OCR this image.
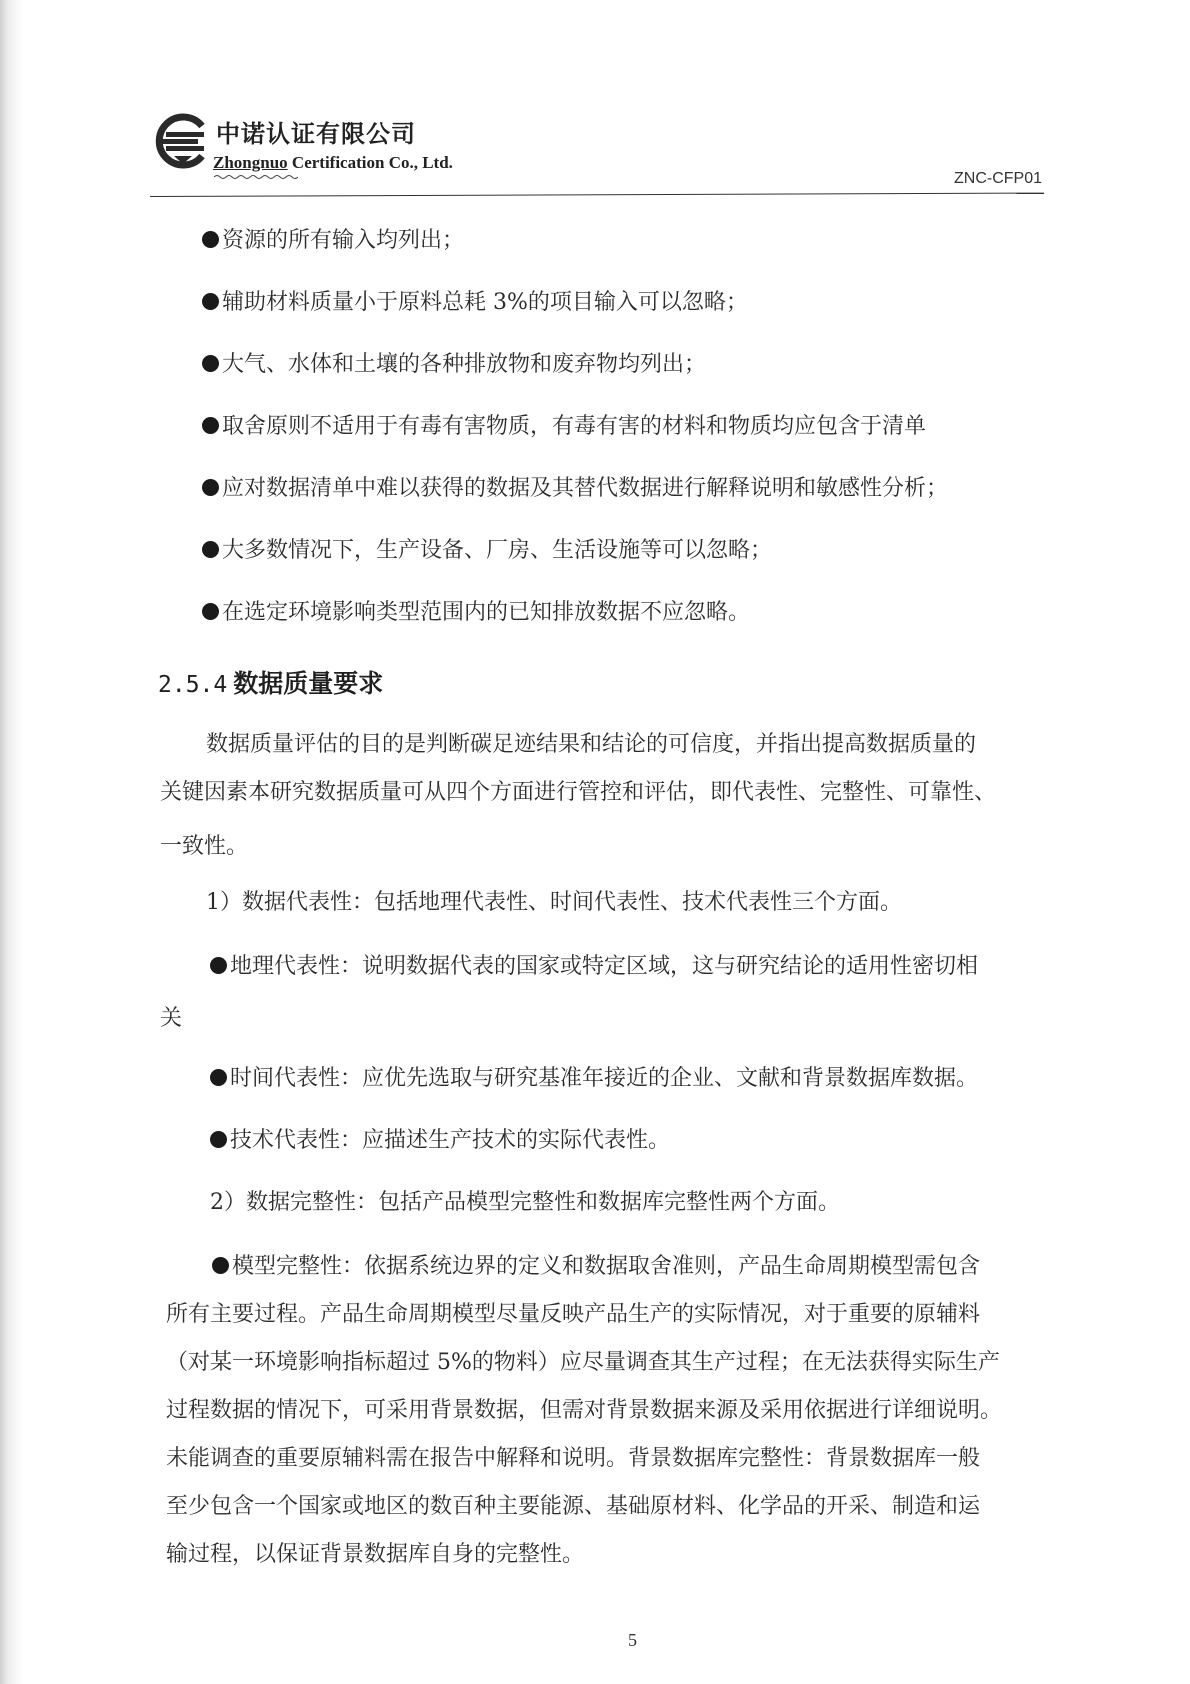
中诺认证有限公司
Zhongnuo Certification Co., Ltd.
ZNC-CFP01
资源的所有输入均列出；
辅助材料质量小于原料总耗 3%的项目输入可以忽略；
大气、水体和土壤的各种排放物和废弃物均列出；
取舍原则不适用于有毒有害物质，有毒有害的材料和物质均应包含于清单
应对数据清单中难以获得的数据及其替代数据进行解释说明和敏感性分析；
大多数情况下，生产设备、厂房、生活设施等可以忽略；
在选定环境影响类型范围内的已知排放数据不应忽略。
2.5.4 数据质量要求
数据质量评估的目的是判断碳足迹结果和结论的可信度，并指出提高数据质量的
关键因素本研究数据质量可从四个方面进行管控和评估，即代表性、完整性、可靠性、
一致性。
1）数据代表性：包括地理代表性、时间代表性、技术代表性三个方面。
地理代表性：说明数据代表的国家或特定区域，这与研究结论的适用性密切相
关
时间代表性：应优先选取与研究基准年接近的企业、文献和背景数据库数据。
技术代表性：应描述生产技术的实际代表性。
2）数据完整性：包括产品模型完整性和数据库完整性两个方面。
模型完整性：依据系统边界的定义和数据取舍准则，产品生命周期模型需包含
所有主要过程。产品生命周期模型尽量反映产品生产的实际情况，对于重要的原辅料
（对某一环境影响指标超过 5%的物料）应尽量调查其生产过程；在无法获得实际生产
过程数据的情况下，可采用背景数据，但需对背景数据来源及采用依据进行详细说明。
未能调查的重要原辅料需在报告中解释和说明。背景数据库完整性：背景数据库一般
至少包含一个国家或地区的数百种主要能源、基础原材料、化学品的开采、制造和运
输过程，以保证背景数据库自身的完整性。
5
